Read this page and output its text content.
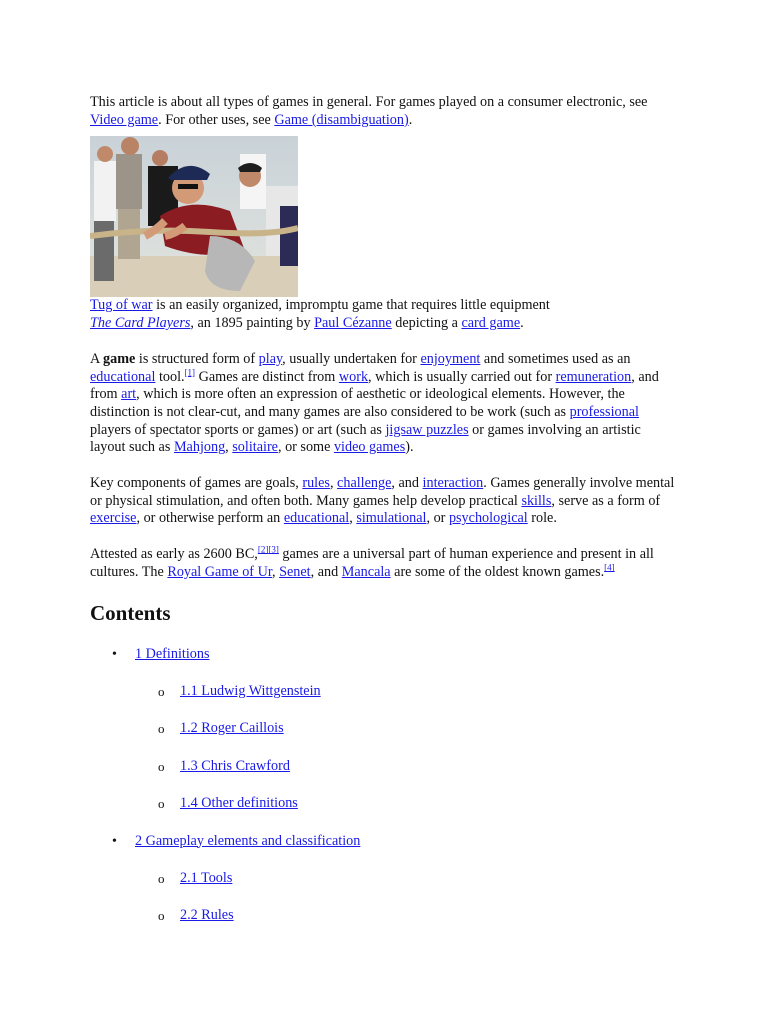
This article is about all types of games in general. For games played on a consumer electronic, see Video game. For other uses, see Game (disambiguation).

Tug of war is an easily organized, impromptu game that requires little equipment

The Card Players, an 1895 painting by Paul Cézanne depicting a card game.

A game is structured form of play, usually undertaken for enjoyment and sometimes used as an educational tool.[1] Games are distinct from work, which is usually carried out for remuneration, and from art, which is more often an expression of aesthetic or ideological elements. However, the distinction is not clear-cut, and many games are also considered to be work (such as professional players of spectator sports or games) or art (such as jigsaw puzzles or games involving an artistic layout such as Mahjong, solitaire, or some video games).

Key components of games are goals, rules, challenge, and interaction. Games generally involve mental or physical stimulation, and often both. Many games help develop practical skills, serve as a form of exercise, or otherwise perform an educational, simulational, or psychological role.

Attested as early as 2600 BC,[2][3] games are a universal part of human experience and present in all cultures. The Royal Game of Ur, Senet, and Mancala are some of the oldest known games.[4]

Contents
• 1 Definitions
o 1.1 Ludwig Wittgenstein
o 1.2 Roger Caillois
o 1.3 Chris Crawford
o 1.4 Other definitions
• 2 Gameplay elements and classification
o 2.1 Tools
o 2.2 Rules
